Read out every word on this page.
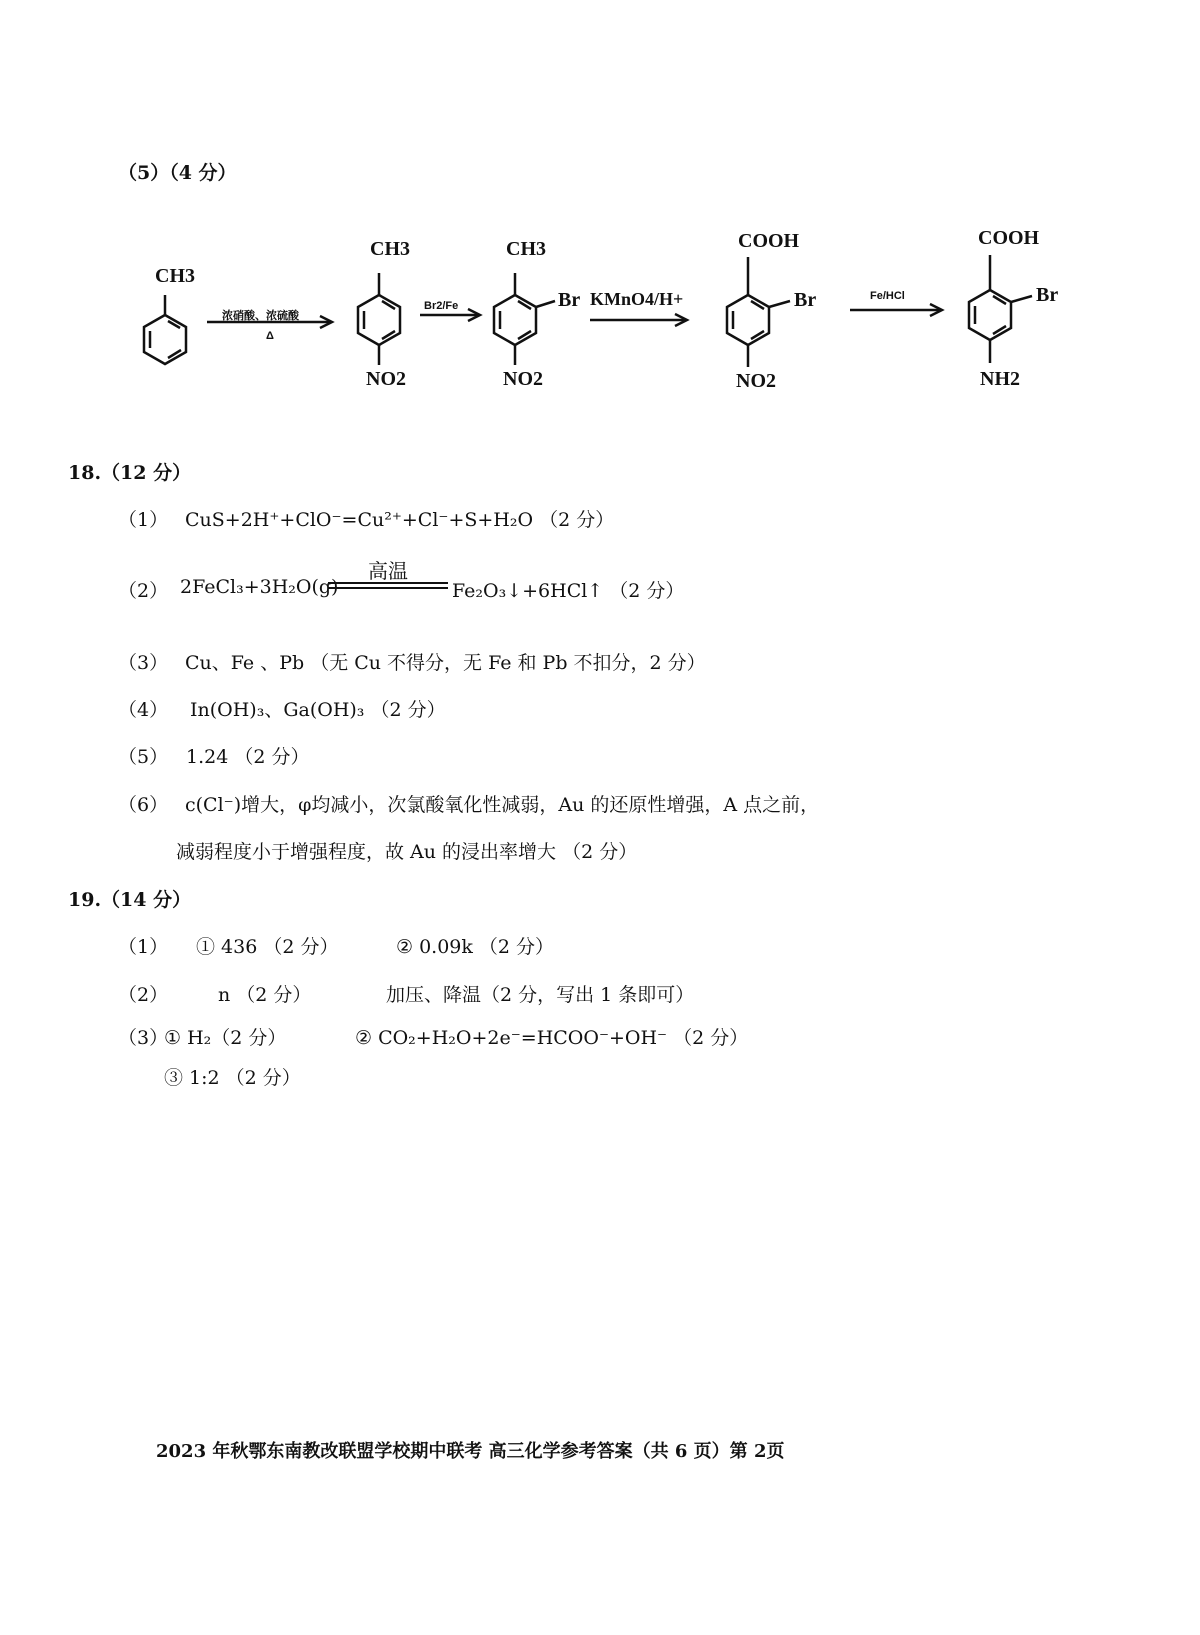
（5）（4 分）
CH3
浓硝酸、浓硫酸
Δ
CH3
NO2
Br2/Fe
CH3
Br
NO2
KMnO4/H+
COOH
Br
NO2
Fe/HCl
COOH
Br
NH2
18.（12 分）
（1） CuS+2H⁺+ClO⁻=Cu²⁺+Cl⁻+S+H₂O （2 分）
（2） 2FeCl₃+3H₂O(g)
高温
Fe₂O₃↓+6HCl↑ （2 分）
（3） Cu、Fe 、Pb （无 Cu 不得分，无 Fe 和 Pb 不扣分，2 分）
（4） In(OH)₃、Ga(OH)₃ （2 分）
（5） 1.24 （2 分）
（6） c(Cl⁻)增大，φ均减小，次氯酸氧化性减弱，Au 的还原性增强，A 点之前，
减弱程度小于增强程度，故 Au 的浸出率增大 （2 分）
19.（14 分）
（1） ① 436 （2 分）	② 0.09k （2 分）
（2）	n （2 分）	加压、降温（2 分，写出 1 条即可）
（3）
① H₂（2 分）	② CO₂+H₂O+2e⁻=HCOO⁻+OH⁻ （2 分）
③ 1:2 （2 分）
2023 年秋鄂东南教改联盟学校期中联考 高三化学参考答案（共 6 页）第 2页
